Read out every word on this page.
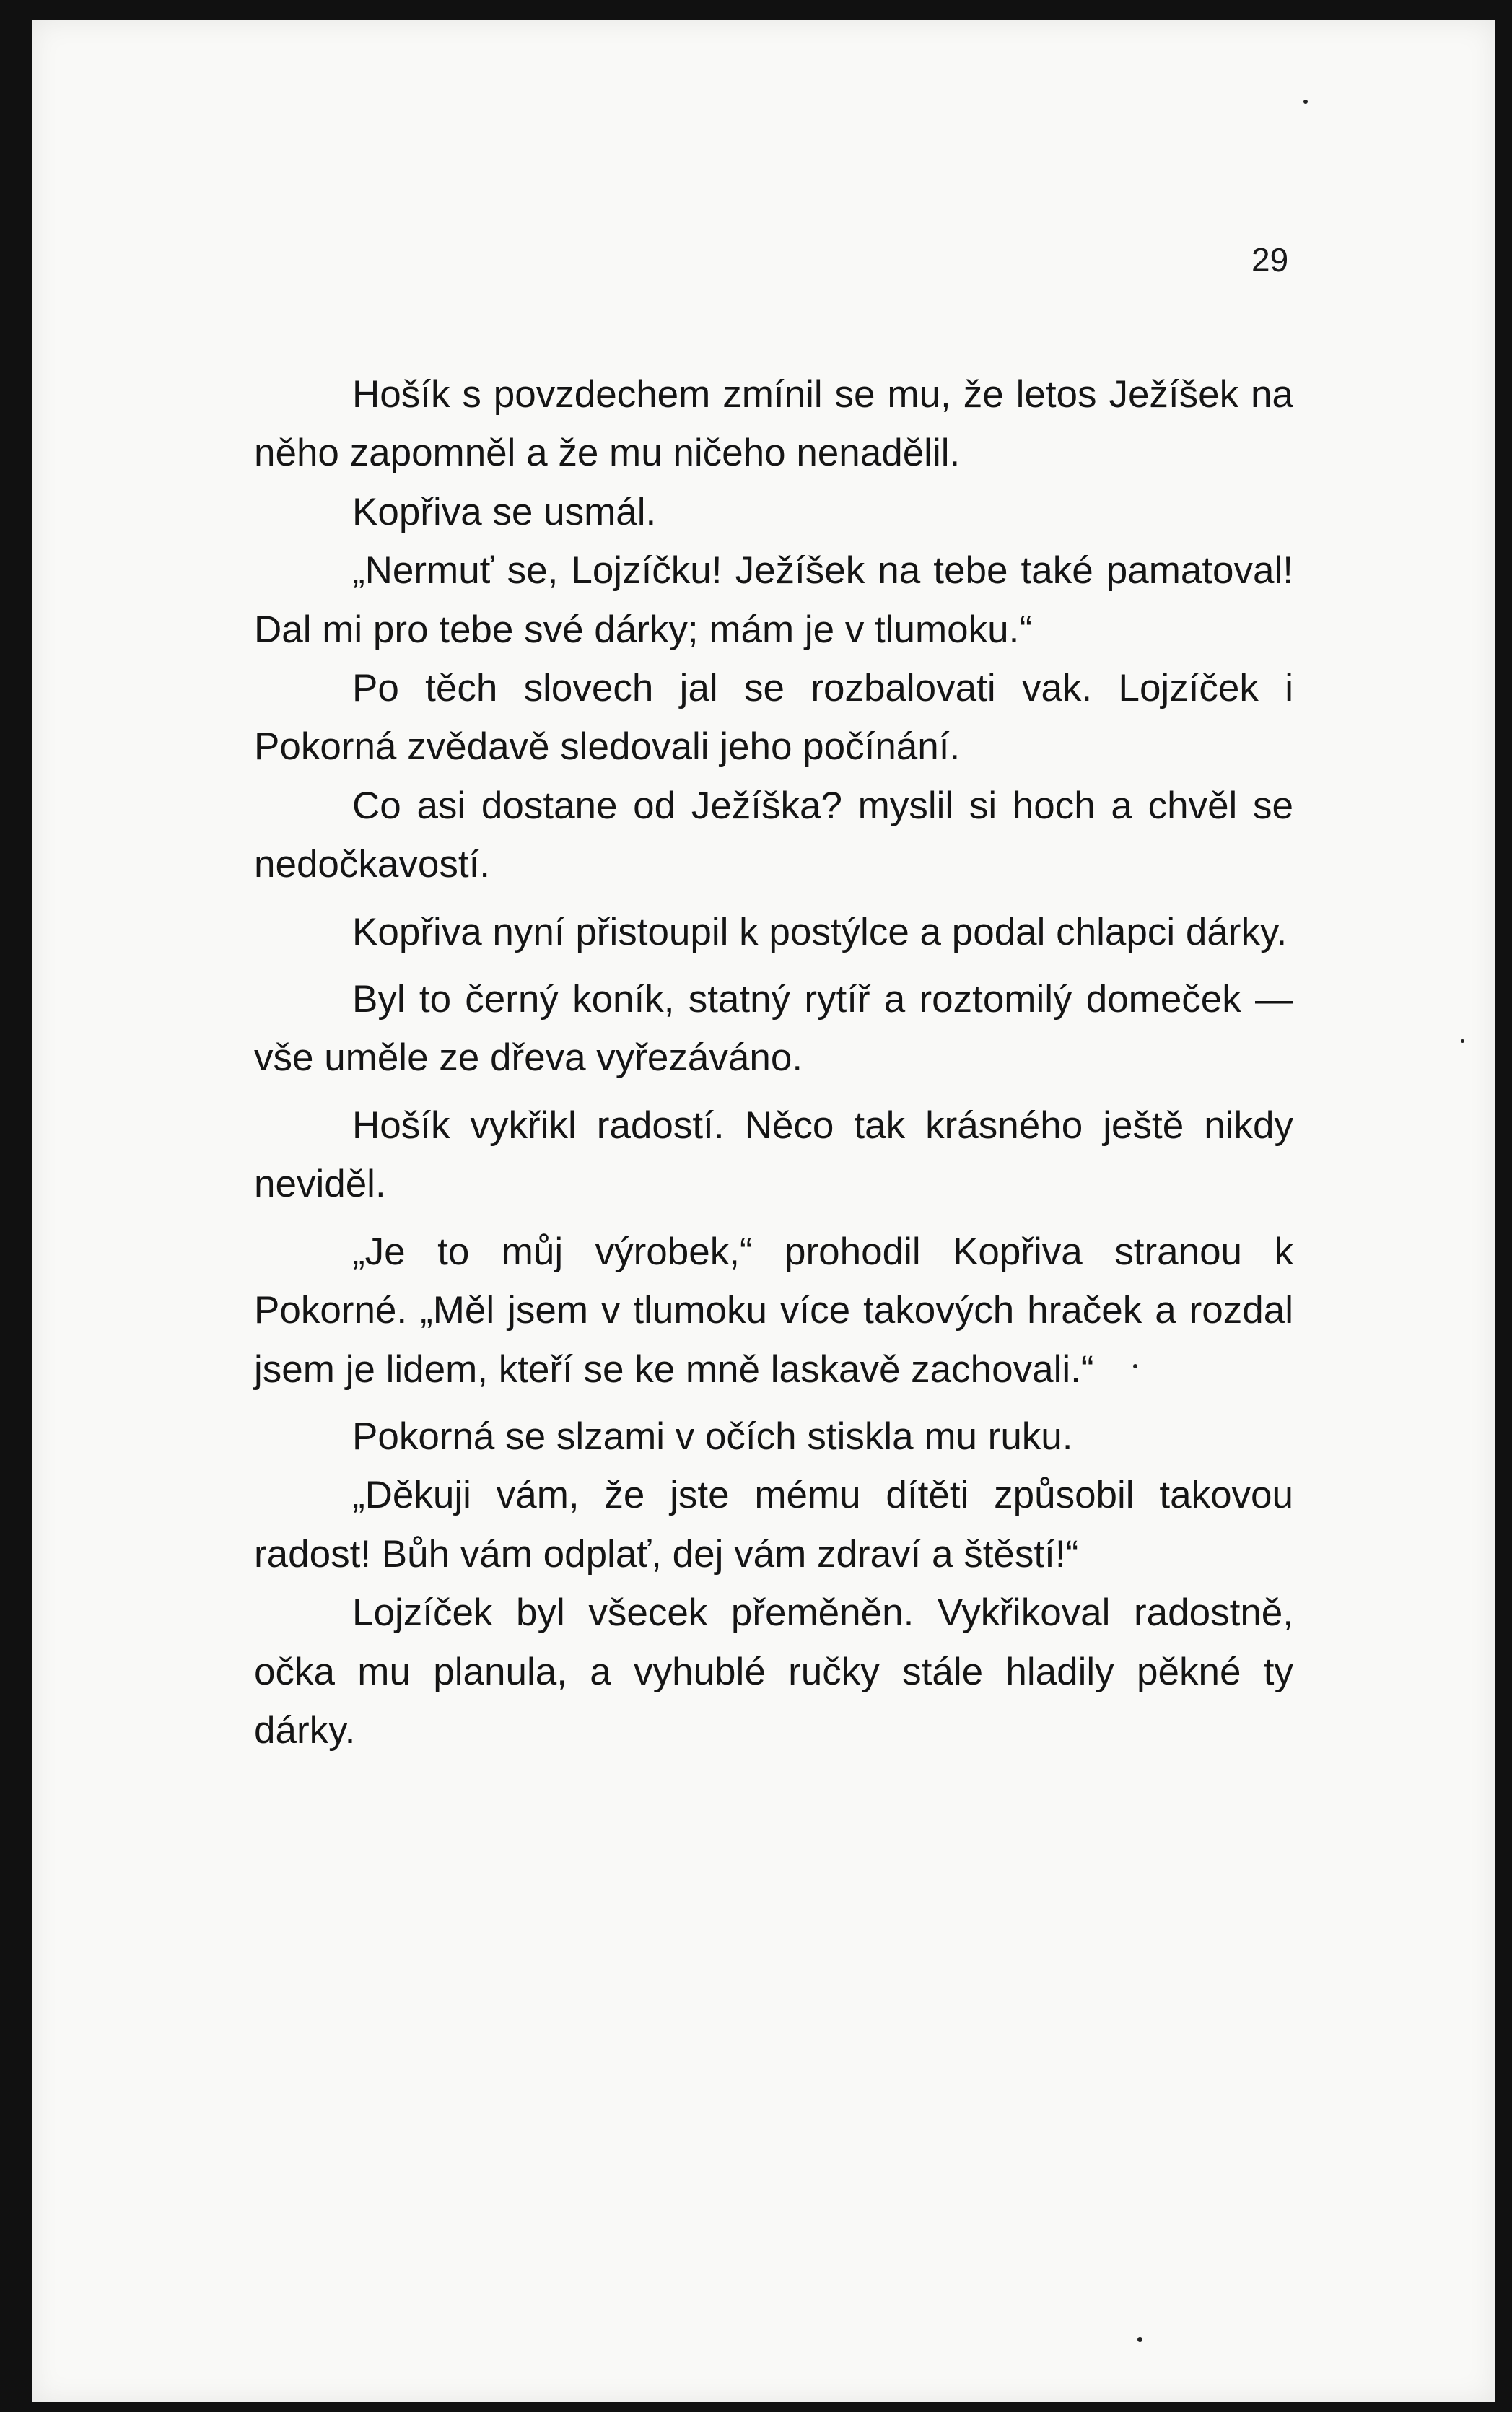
29

Hošík s povzdechem zmínil se mu, že letos Ježíšek na něho zapomněl a že mu ničeho nenadělil.

Kopřiva se usmál.

„Nermuť se, Lojzíčku! Ježíšek na tebe také pamatoval! Dal mi pro tebe své dárky; mám je v tlumoku.“

Po těch slovech jal se rozbalovati vak. Lojzíček i Pokorná zvědavě sledovali jeho počínání.

Co asi dostane od Ježíška? myslil si hoch a chvěl se nedočkavostí.

Kopřiva nyní přistoupil k postýlce a podal chlapci dárky.

Byl to černý koník, statný rytíř a roztomilý domeček — vše uměle ze dřeva vyřezáváno.

Hošík vykřikl radostí. Něco tak krásného ještě nikdy neviděl.

„Je to můj výrobek,“ prohodil Kopřiva stranou k Pokorné. „Měl jsem v tlumoku více takových hraček a rozdal jsem je lidem, kteří se ke mně laskavě zachovali.“

Pokorná se slzami v očích stiskla mu ruku.

„Děkuji vám, že jste mému dítěti způsobil takovou radost! Bůh vám odplať, dej vám zdraví a štěstí!“

Lojzíček byl všecek přeměněn. Vykřikoval radostně, očka mu planula, a vyhublé ručky stále hladily pěkné ty dárky.
